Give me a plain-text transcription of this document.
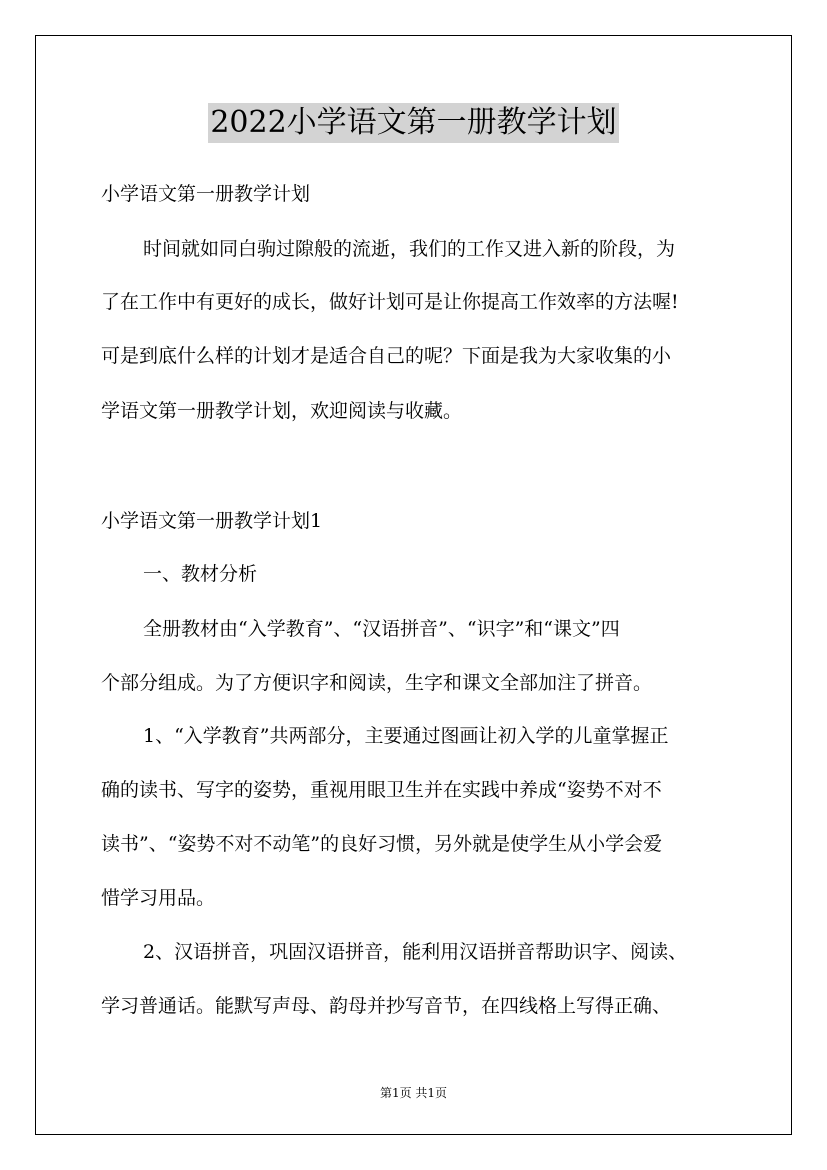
2022小学语文第一册教学计划
小学语文第一册教学计划
时间就如同白驹过隙般的流逝，我们的工作又进入新的阶段，为
了在工作中有更好的成长，做好计划可是让你提高工作效率的方法喔!
可是到底什么样的计划才是适合自己的呢？下面是我为大家收集的小
学语文第一册教学计划，欢迎阅读与收藏。
小学语文第一册教学计划1
一、教材分析
全册教材由“入学教育”、“汉语拼音”、“识字”和“课文”四
个部分组成。为了方便识字和阅读，生字和课文全部加注了拼音。
1、“入学教育”共两部分，主要通过图画让初入学的儿童掌握正
确的读书、写字的姿势，重视用眼卫生并在实践中养成“姿势不对不
读书”、“姿势不对不动笔”的良好习惯，另外就是使学生从小学会爱
惜学习用品。
2、汉语拼音，巩固汉语拼音，能利用汉语拼音帮助识字、阅读、
学习普通话。能默写声母、韵母并抄写音节，在四线格上写得正确、
第1页 共1页
